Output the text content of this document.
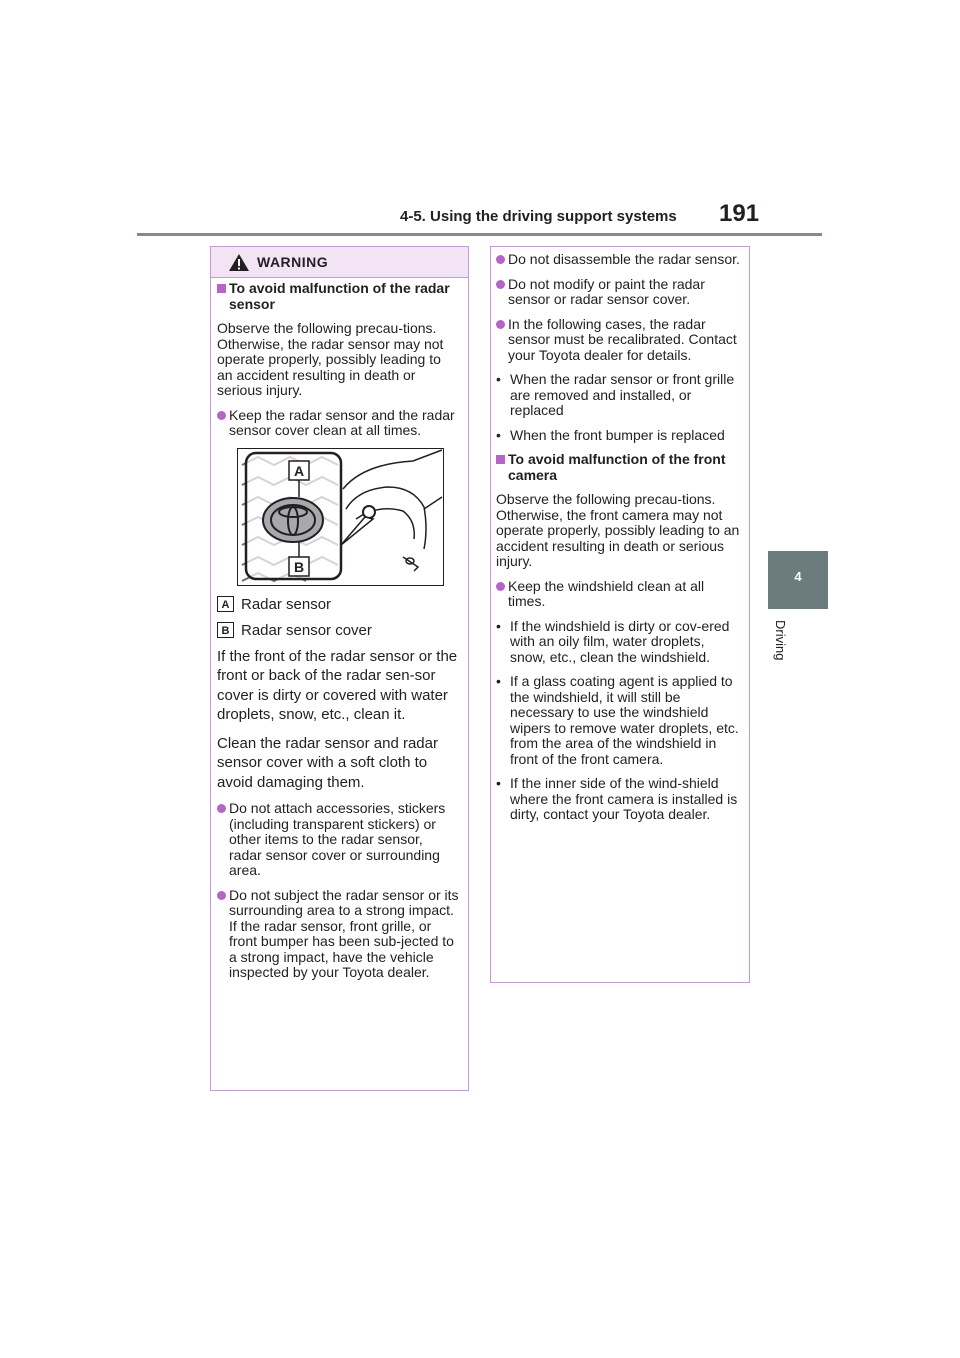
4-5. Using the driving support systems 191
4
Driving
WARNING
To avoid malfunction of the radar sensor
Observe the following precau-tions.
Otherwise, the radar sensor may not operate properly, possibly leading to an accident resulting in death or serious injury.
Keep the radar sensor and the radar sensor cover clean at all times.
A
B
A Radar sensor
B Radar sensor cover
If the front of the radar sensor or the front or back of the radar sen-sor cover is dirty or covered with water droplets, snow, etc., clean it.
Clean the radar sensor and radar sensor cover with a soft cloth to avoid damaging them.
Do not attach accessories, stickers (including transparent stickers) or other items to the radar sensor, radar sensor cover or surrounding area.
Do not subject the radar sensor or its surrounding area to a strong impact.
If the radar sensor, front grille, or front bumper has been sub-jected to a strong impact, have the vehicle inspected by your Toyota dealer.
Do not disassemble the radar sensor.
Do not modify or paint the radar sensor or radar sensor cover.
In the following cases, the radar sensor must be recalibrated. Contact your Toyota dealer for details.
• When the radar sensor or front grille are removed and installed, or replaced
• When the front bumper is replaced
To avoid malfunction of the front camera
Observe the following precau-tions.
Otherwise, the front camera may not operate properly, possibly leading to an accident resulting in death or serious injury.
Keep the windshield clean at all times.
• If the windshield is dirty or cov-ered with an oily film, water droplets, snow, etc., clean the windshield.
• If a glass coating agent is applied to the windshield, it will still be necessary to use the windshield wipers to remove water droplets, etc. from the area of the windshield in front of the front camera.
• If the inner side of the wind-shield where the front camera is installed is dirty, contact your Toyota dealer.
